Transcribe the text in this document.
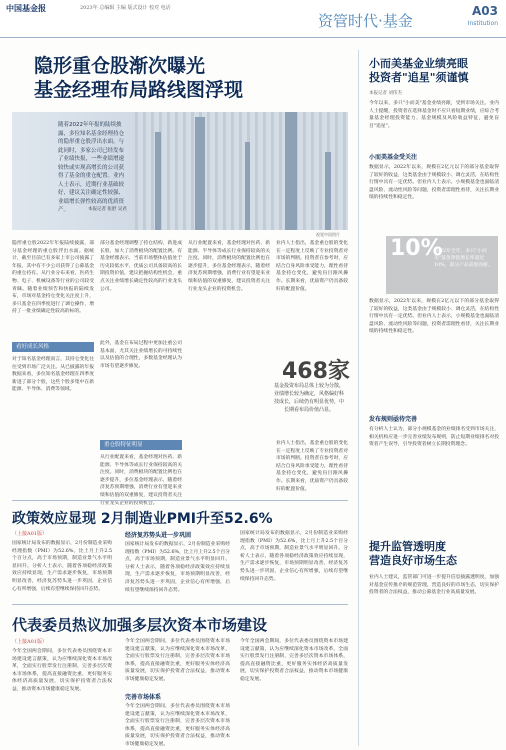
中国基金报	2023年 总编辑 主编 版式设计 校对 电话
资管时代·基金
A03
Institution
隐形重仓股渐次曝光
基金经理布局路线图浮现
随着2022年年报的陆续披露，多位知名基金经理持仓的隐形重仓股浮出水面。与此同时，多家公司已经发布了业绩快报，一些业绩增速较快或实现高增长的公司获得了基金的重仓配置。业内人士表示，近期行业基础较好，建议关注确定性较强、业绩增长弹性较高的优质资产。	本报记者 张舒 吴君
视觉中国图片
隐形重仓股2022年年报陆续披露，部分基金经理的重仓股浮出水面。据统计，截至目前已有多家上市公司披露了年报，其中有不少公司获得了公募基金的重仓持有。从行业分布来看，医药生物、电子、机械设备等行业的公司较受青睐。随着业绩预告和快报的陆续发布，市场对基金持仓变化关注度上升，多只基金在四季度进行了调仓操作，增持了一批业绩确定性较高的标的。
看好成长风格
对于知名基金经理而言，其持仓变化往往受到市场广泛关注。从已披露的年报数据来看，多位知名基金经理在四季度新进了部分个股，这些个股多集中在新能源、半导体、消费等领域。
部分基金经理调整了持仓结构，新进成长股、加大了消费板块的配置比例。有基金经理表示，当前市场整体估值处于历史较低水平，优质公司具备较高的长期投资价值，建议把握结构性机会，重点关注业绩增长确定性较高的行业龙头公司。
重仓股特征明显
此外，基金在布局过程中更加注重公司基本面，尤其关注业绩增长的可持续性以及估值的合理性，多数基金经理认为市场有望逐步修复。
从行业配置来看，基金经理对医药、新能源、半导体等成长行业保持较高的关注度。同时，消费板块的配置比例也在逐步提升，多位基金经理表示，随着经济复苏预期增强，消费行业有望迎来业绩和估值的双重修复，建议投资者关注行业龙头企业的投资机会。
从行业配置来看，基金经理对医药、新能源、半导体等成长行业保持较高的关注度。同时，消费板块的配置比例也在逐步提升，多位基金经理表示，随着经济复苏预期增强，消费行业有望迎来业绩和估值的双重修复，建议投资者关注行业龙头企业的投资机会。
业内人士指出，基金重仓股的变化在一定程度上反映了专业投资者对市场的判断。投资者在参考时，应结合自身风险承受能力，理性看待基金持仓变化，避免盲目跟风操作。长期来看，优质资产仍具备较好的配置价值。
468家
基金投资布局总体上较为分散，业绩增长较为确定，风格偏好科技成长，后续仍有明显优势，中长期看布局价值凸显。
业内人士指出，基金重仓股的变化在一定程度上反映了专业投资者对市场的判断。投资者在参考时，应结合自身风险承受能力，理性看待基金持仓变化，避免盲目跟风操作。长期来看，优质资产仍具备较好的配置价值。
政策效应显现 2月制造业PMI升至52.6%
（上接A01版）
国家统计局发布的数据显示，2月份制造业采购经理指数（PMI）为52.6%，比上月上升2.5个百分点，高于市场预期，制造业景气水平明显回升。分析人士表示，随着各项稳经济政策效应持续显现，生产需求逐步恢复，市场预期明显改善，经济复苏势头进一步巩固，企业信心有所增强，后续有望继续保持回升态势。
经济复苏势头进一步巩固
国家统计局发布的数据显示，2月份制造业采购经理指数（PMI）为52.6%，比上月上升2.5个百分点，高于市场预期，制造业景气水平明显回升。分析人士表示，随着各项稳经济政策效应持续显现，生产需求逐步恢复，市场预期明显改善，经济复苏势头进一步巩固，企业信心有所增强，后续有望继续保持回升态势。
国家统计局发布的数据显示，2月份制造业采购经理指数（PMI）为52.6%，比上月上升2.5个百分点，高于市场预期，制造业景气水平明显回升。分析人士表示，随着各项稳经济政策效应持续显现，生产需求逐步恢复，市场预期明显改善，经济复苏势头进一步巩固，企业信心有所增强，后续有望继续保持回升态势。
代表委员热议加强多层次资本市场建设
（上接A01版）
今年全国两会期间，多位代表委员围绕资本市场建设建言献策，认为应继续深化资本市场改革，全面实行股票发行注册制，完善多层次资本市场体系，提高直接融资比重，更好服务实体经济高质量发展，切实保护投资者合法权益，推动资本市场健康稳定发展。
今年全国两会期间，多位代表委员围绕资本市场建设建言献策，认为应继续深化资本市场改革，全面实行股票发行注册制，完善多层次资本市场体系，提高直接融资比重，更好服务实体经济高质量发展，切实保护投资者合法权益，推动资本市场健康稳定发展。
完善市场体系
今年全国两会期间，多位代表委员围绕资本市场建设建言献策，认为应继续深化资本市场改革，全面实行股票发行注册制，完善多层次资本市场体系，提高直接融资比重，更好服务实体经济高质量发展，切实保护投资者合法权益，推动资本市场健康稳定发展。
今年全国两会期间，多位代表委员围绕资本市场建设建言献策，认为应继续深化资本市场改革，全面实行股票发行注册制，完善多层次资本市场体系，提高直接融资比重，更好服务实体经济高质量发展，切实保护投资者合法权益，推动资本市场健康稳定发展。
小而美基金业绩亮眼
投资者"追星"须谨慎
本报记者 刘伟杰
今年以来，多只"小而美"基金业绩亮眼，受到市场关注。业内人士提醒，投资者在选择基金时不应只看短期业绩，应综合考量基金经理投资能力、基金规模及风险收益特征，避免盲目"追星"。
小而美基金受关注
数据显示，2022年以来，规模在2亿元以下的部分基金取得了较好的收益，这类基金由于规模较小、调仓灵活，在结构性行情中具有一定优势。但业内人士表示，小规模基金也面临清盘风险、流动性风险等问题，投资者需理性看待，关注长期业绩的持续性和稳定性。
10%
2022年全年，多只"小而美"基金净值增长率超过10%，部分产品表现亮眼。
数据显示，2022年以来，规模在2亿元以下的部分基金取得了较好的收益，这类基金由于规模较小、调仓灵活，在结构性行情中具有一定优势。但业内人士表示，小规模基金也面临清盘风险、流动性风险等问题，投资者需理性看待，关注长期业绩的持续性和稳定性。
发布规则亟待完善
有分析人士认为，部分小规模基金的业绩排名受到市场关注，相关机构应进一步完善业绩发布规则，防止短期业绩排名对投资者产生误导，引导投资者树立长期投资理念。
提升监管透明度
营造良好市场生态
业内人士建议，监管部门可进一步提升信息披露透明度，加强对基金宣传推介的规范管理，营造良好的市场生态，切实保护投资者的合法权益，推动公募基金行业高质量发展。
